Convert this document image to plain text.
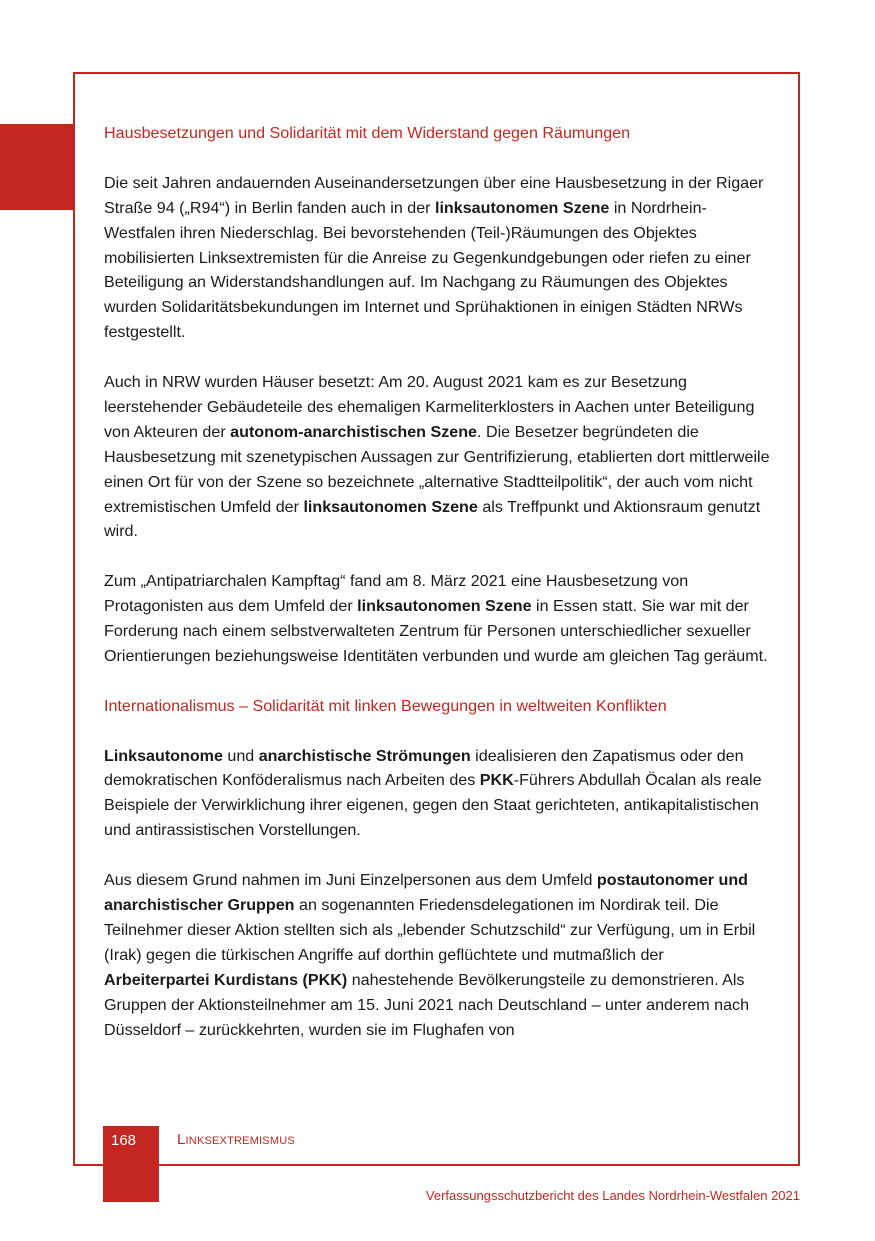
Hausbesetzungen und Solidarität mit dem Widerstand gegen Räumungen

Die seit Jahren andauernden Auseinandersetzungen über eine Hausbesetzung in der Rigaer Straße 94 („R94“) in Berlin fanden auch in der linksautonomen Szene in Nordrhein-Westfalen ihren Niederschlag. Bei bevorstehenden (Teil-)Räumungen des Objektes mobilisierten Linksextremisten für die Anreise zu Gegenkundgebungen oder riefen zu einer Beteiligung an Widerstandshandlungen auf. Im Nachgang zu Räumungen des Objektes wurden Solidaritätsbekundungen im Internet und Sprühaktionen in einigen Städten NRWs festgestellt.

Auch in NRW wurden Häuser besetzt: Am 20. August 2021 kam es zur Besetzung leerstehender Gebäudeteile des ehemaligen Karmeliterklosters in Aachen unter Beteiligung von Akteuren der autonom-anarchistischen Szene. Die Besetzer begründeten die Hausbesetzung mit szenetypischen Aussagen zur Gentrifizierung, etablierten dort mittlerweile einen Ort für von der Szene so bezeichnete „alternative Stadtteilpolitik“, der auch vom nicht extremistischen Umfeld der linksautonomen Szene als Treffpunkt und Aktionsraum genutzt wird.

Zum „Antipatriarchalen Kampftag“ fand am 8. März 2021 eine Hausbesetzung von Protagonisten aus dem Umfeld der linksautonomen Szene in Essen statt. Sie war mit der Forderung nach einem selbstverwalteten Zentrum für Personen unterschiedlicher sexueller Orientierungen beziehungsweise Identitäten verbunden und wurde am gleichen Tag geräumt.

Internationalismus – Solidarität mit linken Bewegungen in weltweiten Konflikten

Linksautonome und anarchistische Strömungen idealisieren den Zapatismus oder den demokratischen Konföderalismus nach Arbeiten des PKK-Führers Abdullah Öcalan als reale Beispiele der Verwirklichung ihrer eigenen, gegen den Staat gerichteten, antikapitalistischen und antirassistischen Vorstellungen.

Aus diesem Grund nahmen im Juni Einzelpersonen aus dem Umfeld postautonomer und anarchistischer Gruppen an sogenannten Friedensdelegationen im Nordirak teil. Die Teilnehmer dieser Aktion stellten sich als „lebender Schutzschild“ zur Verfügung, um in Erbil (Irak) gegen die türkischen Angriffe auf dorthin geflüchtete und mutmaßlich der Arbeiterpartei Kurdistans (PKK) nahestehende Bevölkerungsteile zu demonstrieren. Als Gruppen der Aktionsteilnehmer am 15. Juni 2021 nach Deutschland – unter anderem nach Düsseldorf – zurückkehrten, wurden sie im Flughafen von

168	Linksextremismus
Verfassungsschutzbericht des Landes Nordrhein-Westfalen 2021
